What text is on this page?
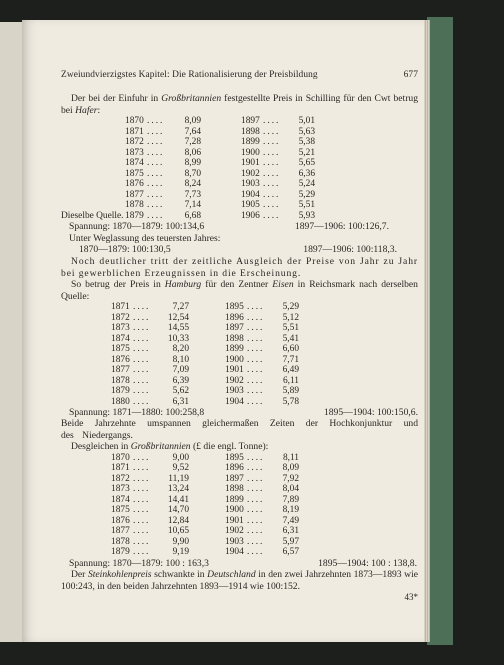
Zweiundvierzigstes Kapitel: Die Rationalisierung der Preisbildung	677

Der bei der Einfuhr in Großbritannien festgestellte Preis in Schilling für den Cwt betrug bei Hafer:

	1870	....	8,09		1897	....	5,01	
	1871	....	7,64		1898	....	5,63	
	1872	....	7,28		1899	....	5,38	
	1873	....	8,06		1900	....	5,21	
	1874	....	8,99		1901	....	5,65	
	1875	....	8,70		1902	....	6,36	
	1876	....	8,24		1903	....	5,24	
	1877	....	7,73		1904	....	5,29	
	1878	....	7,14		1905	....	5,51	
Dieselbe Quelle.	1879	....	6,68		1906	....	5,93	
Spannung: 1870—1879: 100:134,6	1897—1906: 100:126,7.

Unter Weglassung des teuersten Jahres:

1870—1879: 100:130,5	1897—1906: 100:118,3.

Noch deutlicher tritt der zeitliche Ausgleich der Preise von Jahr zu Jahr bei gewerblichen Erzeugnissen in die Erscheinung.

So betrug der Preis in Hamburg für den Zentner Eisen in Reichsmark nach derselben Quelle:

	1871	....	7,27		1895	....	5,29	
	1872	....	12,54		1896	....	5,12	
	1873	....	14,55		1897	....	5,51	
	1874	....	10,33		1898	....	5,41	
	1875	....	8,20		1899	....	6,60	
	1876	....	8,10		1900	....	7,71	
	1877	....	7,09		1901	....	6,49	
	1878	....	6,39		1902	....	6,11	
	1879	....	5,62		1903	....	5,89	
	1880	....	6,31		1904	....	5,78	
Spannung: 1871—1880: 100:258,8	1895—1904: 100:150,6.

Beide Jahrzehnte umspannen gleichermaßen Zeiten der Hochkonjunktur und des Niedergangs.

Desgleichen in Großbritannien (£ die engl. Tonne):

	1870	....	9,00		1895	....	8,11	
	1871	....	9,52		1896	....	8,09	
	1872	....	11,19		1897	....	7,92	
	1873	....	13,24		1898	....	8,04	
	1874	....	14,41		1899	....	7,89	
	1875	....	14,70		1900	....	8,19	
	1876	....	12,84		1901	....	7,49	
	1877	....	10,65		1902	....	6,31	
	1878	....	9,90		1903	....	5,97	
	1879	....	9,19		1904	....	6,57	
Spannung: 1870—1879: 100 : 163,3	1895—1904: 100 : 138,8.

Der Steinkohlenpreis schwankte in Deutschland in den zwei Jahrzehnten 1873—1893 wie 100:243, in den beiden Jahrzehnten 1893—1914 wie 100:152.

43*
